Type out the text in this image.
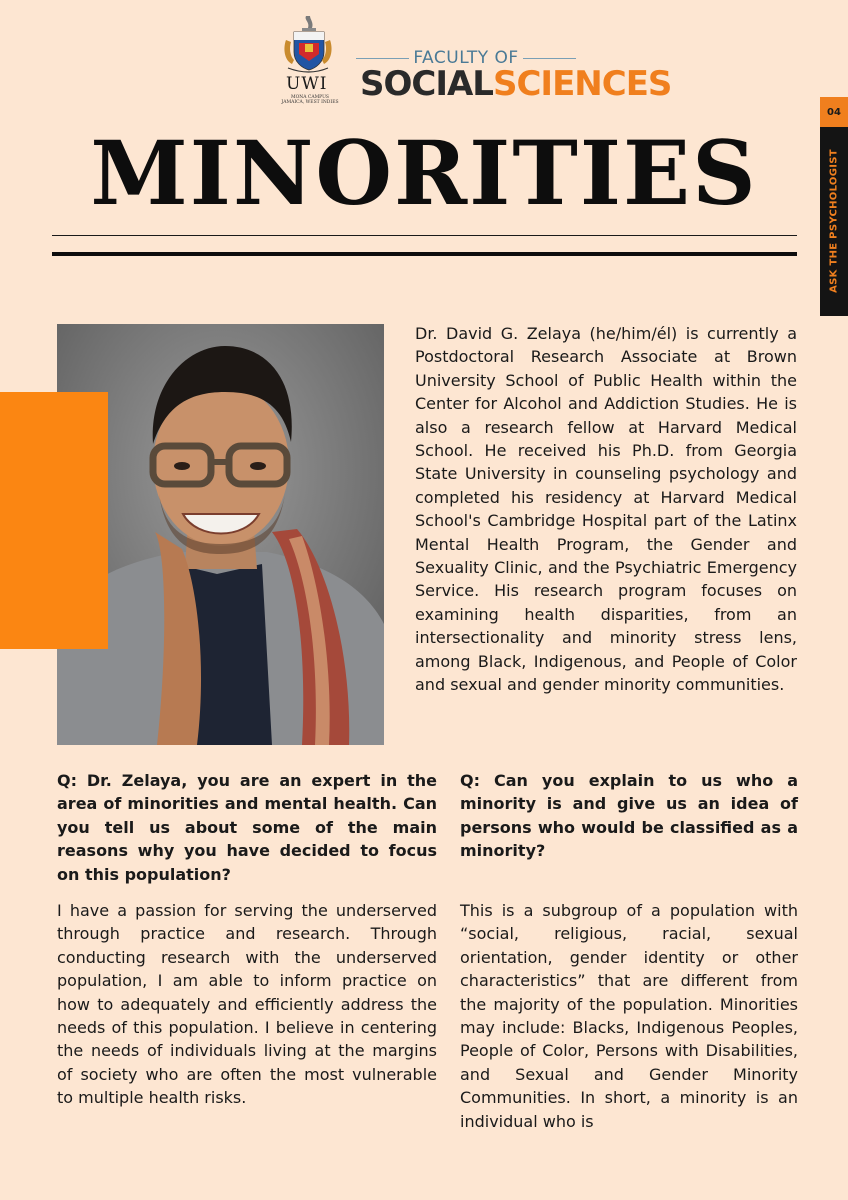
UWI
MONA CAMPUS
JAMAICA, WEST INDIES
FACULTY OF
SOCIALSCIENCES
MINORITIES
04
ASK THE PSYCHOLOGIST

Dr. David G. Zelaya (he/him/él) is currently a Postdoctoral Research Associate at Brown University School of Public Health within the Center for Alcohol and Addiction Studies. He is also a research fellow at Harvard Medical School. He received his Ph.D. from Georgia State University in counseling psychology and completed his residency at Harvard Medical School's Cambridge Hospital part of the Latinx Mental Health Program, the Gender and Sexuality Clinic, and the Psychiatric Emergency Service. His research program focuses on examining health disparities, from an intersectionality and minority stress lens, among Black, Indigenous, and People of Color and sexual and gender minority communities.

Q: Dr. Zelaya, you are an expert in the area of minorities and mental health. Can you tell us about some of the main reasons why you have decided to focus on this population?

I have a passion for serving the underserved through practice and research. Through conducting research with the underserved population, I am able to inform practice on how to adequately and efficiently address the needs of this population. I believe in centering the needs of individuals living at the margins of society who are often the most vulnerable to multiple health risks.

Q: Can you explain to us who a minority is and give us an idea of persons who would be classified as a minority?

This is a subgroup of a population with “social, religious, racial, sexual orientation, gender identity or other characteristics” that are different from the majority of the population. Minorities may include: Blacks, Indigenous Peoples, People of Color, Persons with Disabilities, and Sexual and Gender Minority Communities. In short, a minority is an individual who is
